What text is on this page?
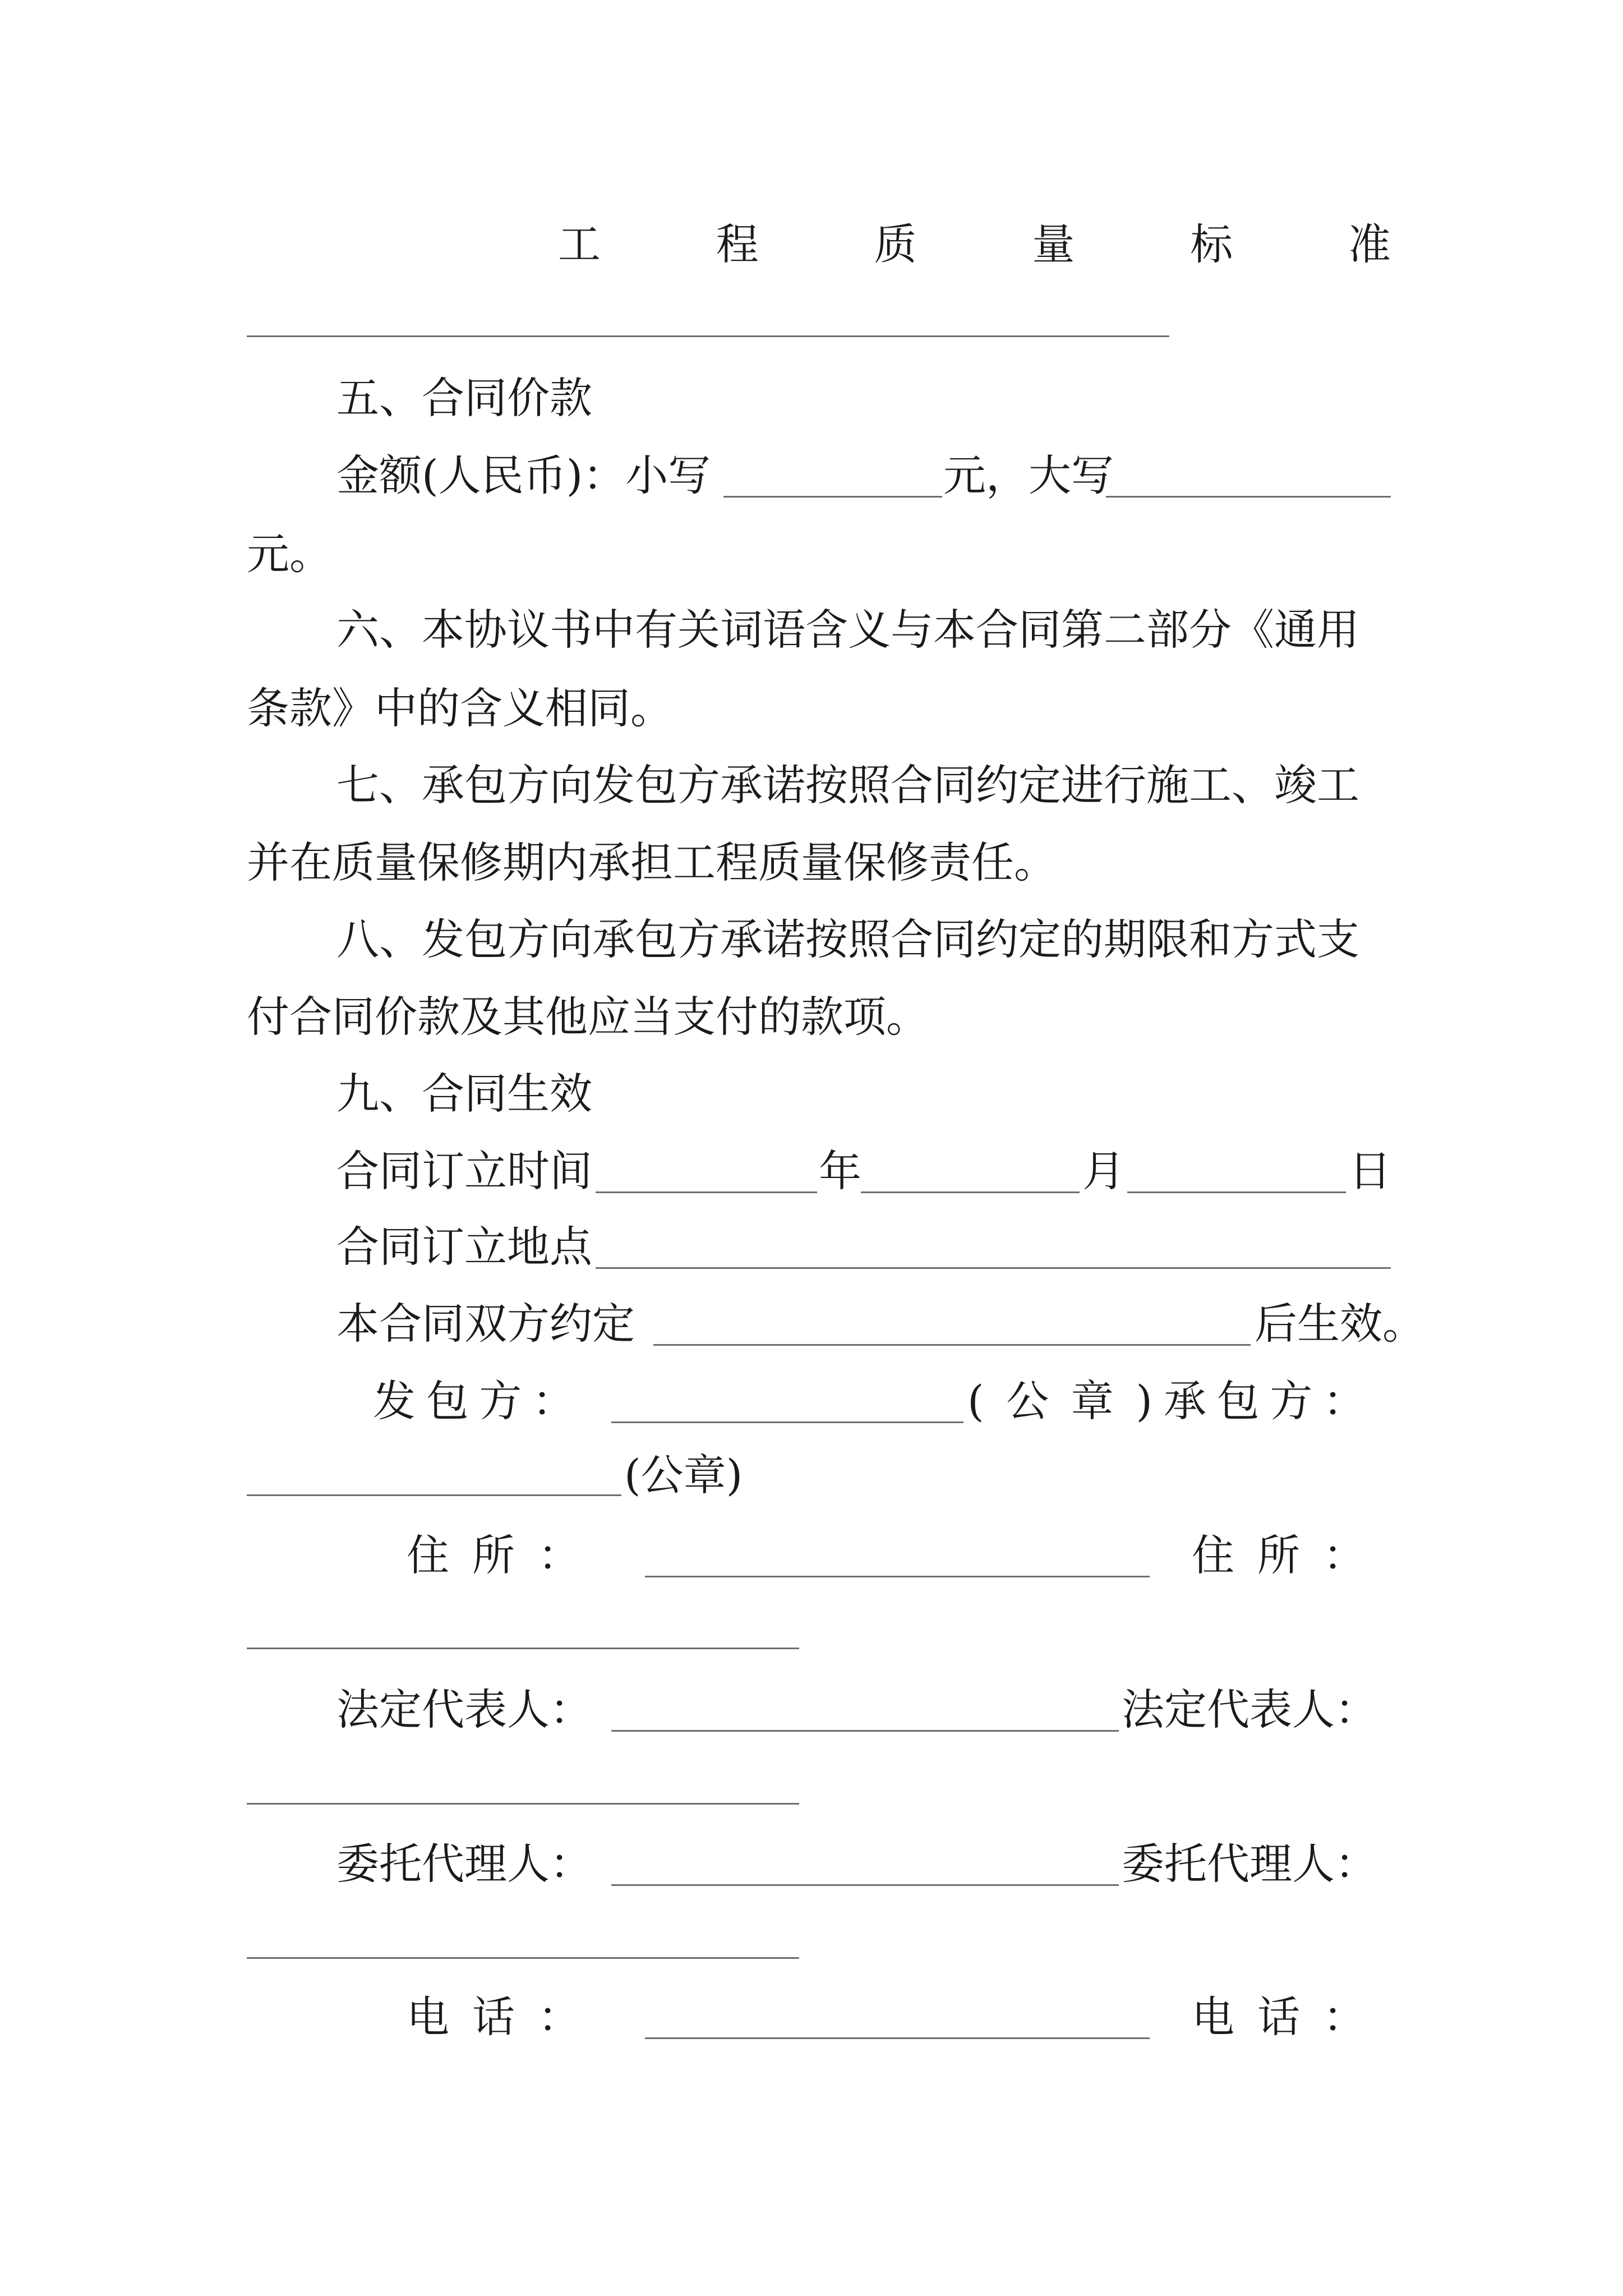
工	程	质	量	标	准
五、合同价款
金额(人民币)：小写	元，大写
元。
六、本协议书中有关词语含义与本合同第二部分《通用
条款》中的含义相同。
七、承包方向发包方承诺按照合同约定进行施工、竣工
并在质量保修期内承担工程质量保修责任。
八、发包方向承包方承诺按照合同约定的期限和方式支
付合同价款及其他应当支付的款项。
九、合同生效
合同订立时间	年	月	日
合同订立地点
本合同双方约定	后生效。
发 包 方 ：	( 公 章 ) 承 包 方 ：
(公章)
住 所 ：	住 所 ：
法定代表人：	法定代表人：
委托代理人：	委托代理人：
电 话 ：	电 话 ：
